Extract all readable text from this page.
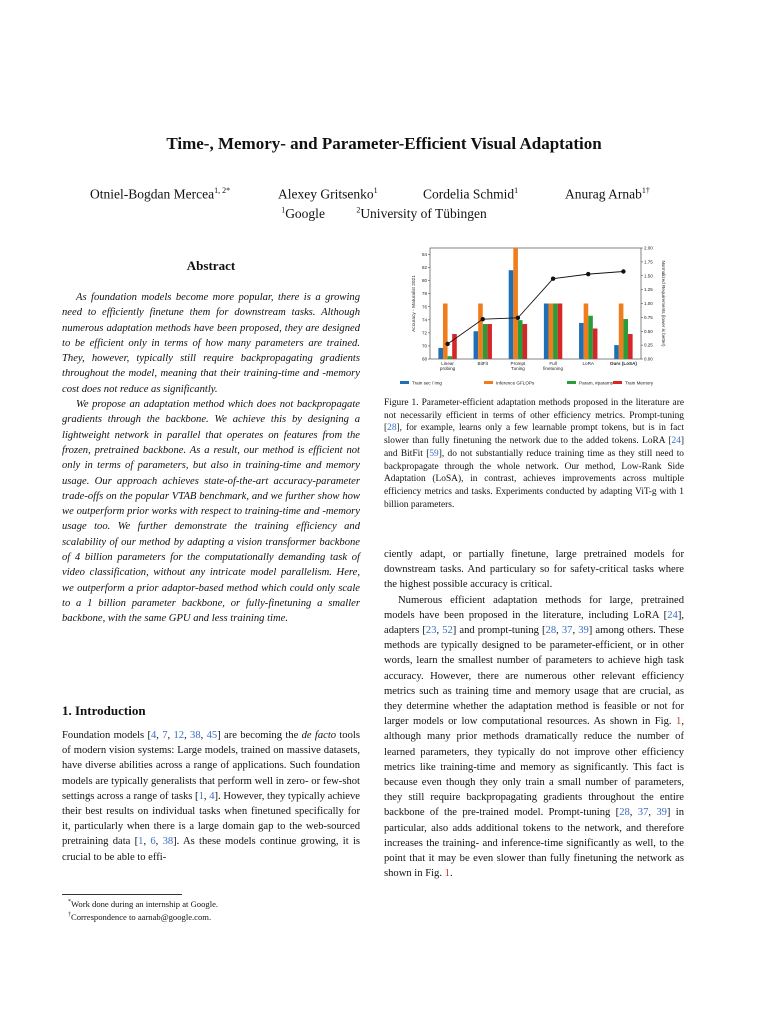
Time-, Memory- and Parameter-Efficient Visual Adaptation
Otniel-Bogdan Mercea$^{1, 2*}$	Alexey Gritsenko$^1$	Cordelia Schmid$^1$	Anurag Arnab$^{1\dagger}$
$^1$Google	$^2$University of Tübingen
Abstract

As foundation models become more popular, there is a growing need to efficiently finetune them for downstream tasks. Although numerous adaptation methods have been proposed, they are designed to be efficient only in terms of how many parameters are trained. They, however, typically still require backpropagating gradients throughout the model, meaning that their training-time and -memory cost does not reduce as significantly.

We propose an adaptation method which does not backpropagate gradients through the backbone. We achieve this by designing a lightweight network in parallel that operates on features from the frozen, pretrained backbone. As a result, our method is efficient not only in terms of parameters, but also in training-time and memory usage. Our approach achieves state-of-the-art accuracy-parameter trade-offs on the popular VTAB benchmark, and we further show how we outperform prior works with respect to training-time and -memory usage too. We further demonstrate the training efficiency and scalability of our method by adapting a vision transformer backbone of 4 billion parameters for the computationally demanding task of video classification, without any intricate model parallelism. Here, we outperform a prior adaptor-based method which could only scale to a 1 billion parameter backbone, or fully-finetuning a smaller backbone, with the same GPU and less training time.

1. Introduction

Foundation models [4, 7, 12, 38, 45] are becoming the de facto tools of modern vision systems: Large models, trained on massive datasets, have diverse abilities across a range of applications. Such foundation models are typically generalists that perform well in zero- or few-shot settings across a range of tasks [1, 4]. However, they typically achieve their best results on individual tasks when finetuned specifically for it, particularly when there is a large domain gap to the web-sourced pretraining data [1, 6, 38]. As these models continue growing, it is crucial to be able to effi-

*Work done during an internship at Google.
†Correspondence to aarnab@google.com.
68
70
72
74
76
78
80
82
84
0.00
0.25
0.50
0.75
1.00
1.25
1.50
1.75
2.00
Accuracy - Maturalist 2021	Normalized Requirements (lower is better)
Linear
probing
BitFit	Prompt
Tuning
Full
finetuning
LoRA	Ours (LoSA)
Train sec / img	Inference GFLOPs	Param, #params	Train Memory

Figure 1. Parameter-efficient adaptation methods proposed in the literature are not necessarily efficient in terms of other efficiency metrics. Prompt-tuning [28], for example, learns only a few learnable prompt tokens, but is in fact slower than fully finetuning the network due to the added tokens. LoRA [24] and BitFit [59], do not substantially reduce training time as they still need to backpropagate through the whole network. Our method, Low-Rank Side Adaptation (LoSA), in contrast, achieves improvements across multiple efficiency metrics and tasks. Experiments conducted by adapting ViT-g with 1 billion parameters.

ciently adapt, or partially finetune, large pretrained models for downstream tasks. And particulary so for safety-critical tasks where the highest possible accuracy is critical.

Numerous efficient adaptation methods for large, pretrained models have been proposed in the literature, including LoRA [24], adapters [23, 52] and prompt-tuning [28, 37, 39] among others. These methods are typically designed to be parameter-efficient, or in other words, learn the smallest number of parameters to achieve high task accuracy. However, there are numerous other relevant efficiency metrics such as training time and memory usage that are crucial, as they determine whether the adaptation method is feasible or not for larger models or low computational resources. As shown in Fig. 1, although many prior methods dramatically reduce the number of learned parameters, they typically do not improve other efficiency metrics like training-time and memory as significantly. This fact is because even though they only train a small number of parameters, they still require backpropagating gradients throughout the entire backbone of the pre-trained model. Prompt-tuning [28, 37, 39] in particular, also adds additional tokens to the network, and therefore increases the training- and inference-time significantly as well, to the point that it may be even slower than fully finetuning the network as shown in Fig. 1.
